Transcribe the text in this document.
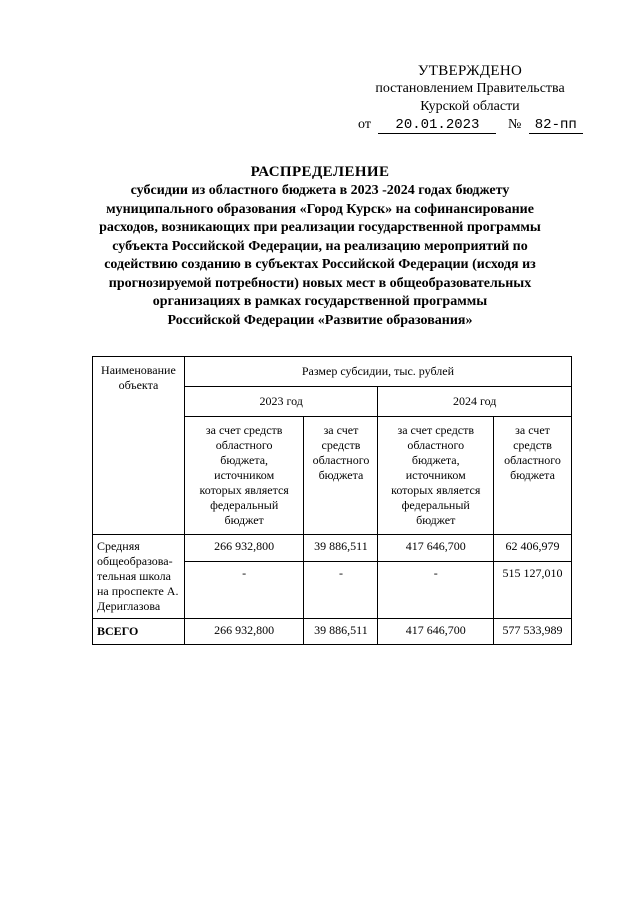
УТВЕРЖДЕНО
постановлением Правительства
Курской области
от 20.01.2023 № 82-пп
РАСПРЕДЕЛЕНИЕ
субсидии из областного бюджета в 2023 -2024 годах бюджету
муниципального образования «Город Курск» на софинансирование
расходов, возникающих при реализации государственной программы
субъекта Российской Федерации, на реализацию мероприятий по
содействию созданию в субъектах Российской Федерации (исходя из
прогнозируемой потребности) новых мест в общеобразовательных
организациях в рамках государственной программы
Российской Федерации «Развитие образования»
Наименование объекта	Размер субсидии, тыс. рублей			
	2023 год		2024 год	
	за счет средств областного бюджета, источником которых является федеральный бюджет	за счет средств областного бюджета	за счет средств областного бюджета, источником которых является федеральный бюджет	за счет средств областного бюджета
Средняя общеобразова-тельная школа на проспекте А. Дериглазова	266 932,800	39 886,511	417 646,700	62 406,979
	-	-	-	515 127,010
ВСЕГО	266 932,800	39 886,511	417 646,700	577 533,989
